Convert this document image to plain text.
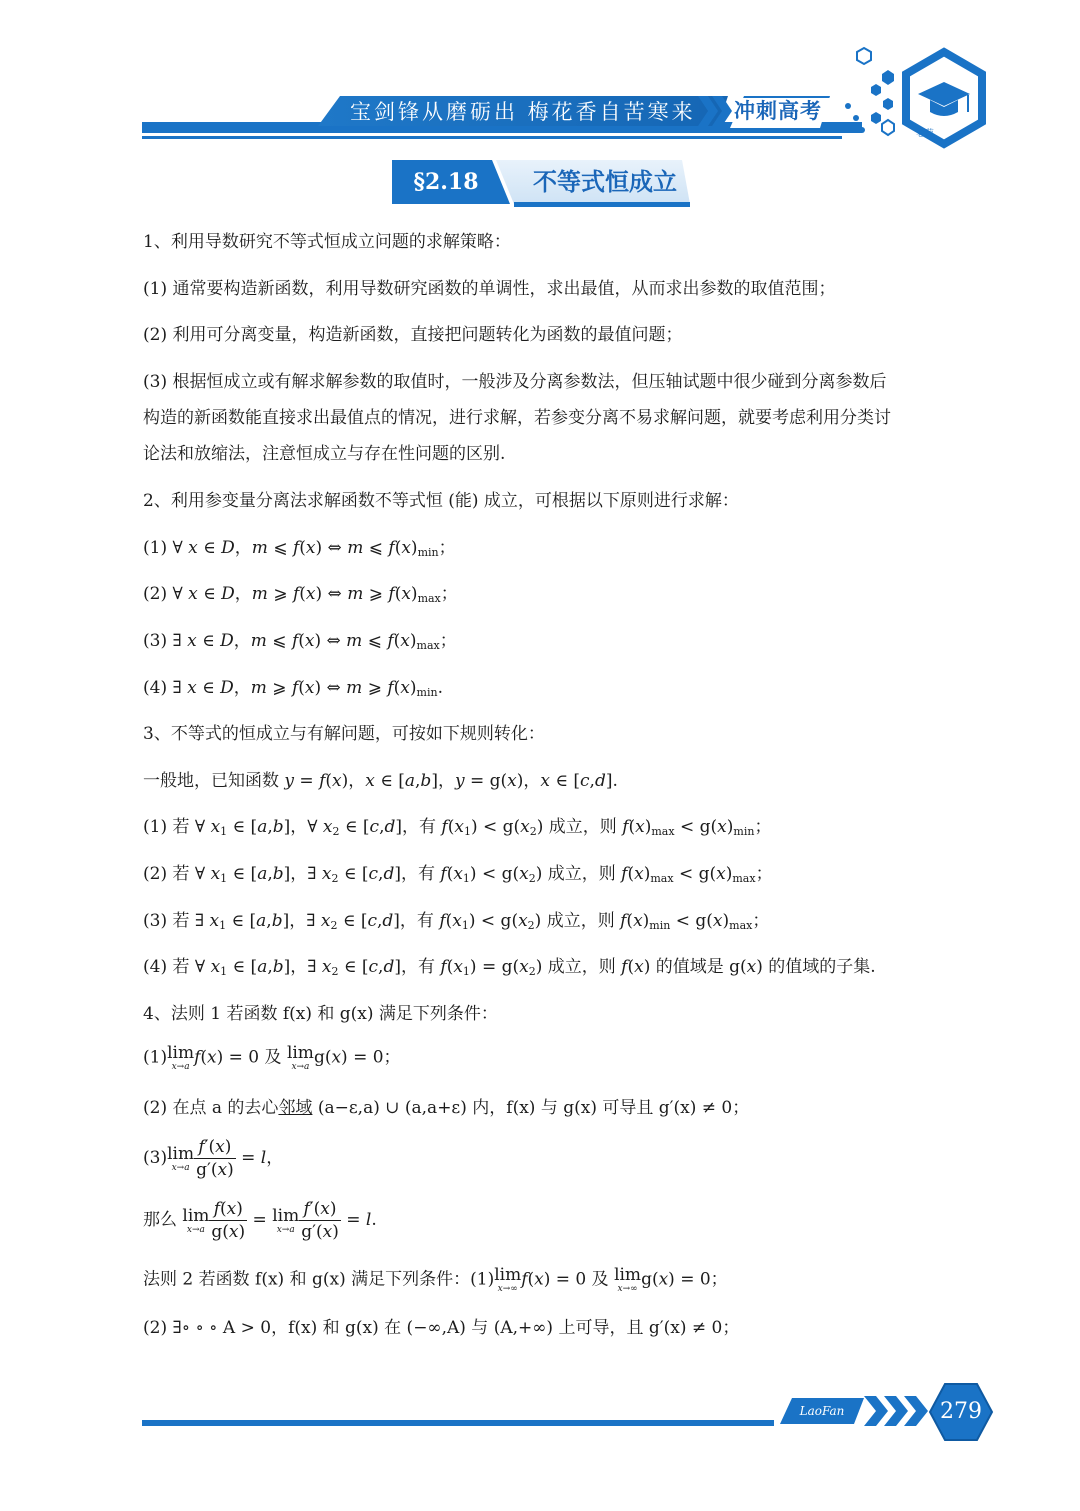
宝剑锋从磨砺出 梅花香自苦寒来	冲刺高考
老范
§2.18	不等式恒成立
1、利用导数研究不等式恒成立问题的求解策略：
(1) 通常要构造新函数，利用导数研究函数的单调性，求出最值，从而求出参数的取值范围；
(2) 利用可分离变量，构造新函数，直接把问题转化为函数的最值问题；
(3) 根据恒成立或有解求解参数的取值时，一般涉及分离参数法，但压轴试题中很少碰到分离参数后
构造的新函数能直接求出最值点的情况，进行求解，若参变分离不易求解问题，就要考虑利用分类讨
论法和放缩法，注意恒成立与存在性问题的区别.
2、利用参变量分离法求解函数不等式恒 (能) 成立，可根据以下原则进行求解：
(1) ∀ x ∈ D，m ⩽ f(x) ⇔ m ⩽ $f(x)_{min}$；
(2) ∀ x ∈ D，m ⩾ f(x) ⇔ m ⩾ $f(x)_{max}$；
(3) ∃ x ∈ D，m ⩽ f(x) ⇔ m ⩽ $f(x)_{max}$；
(4) ∃ x ∈ D，m ⩾ f(x) ⇔ m ⩾ $f(x)_{min}$.
3、不等式的恒成立与有解问题，可按如下规则转化：
一般地，已知函数 y = f(x)，x ∈ [a,b]，y = g(x)，x ∈ [c,d].
(1) 若 ∀ $x_1$ ∈ [a,b]，∀ $x_2$ ∈ [c,d]，有 $f(x_1) < g(x_2)$ 成立，则 $f(x)_{max} < g(x)_{min}$；
(2) 若 ∀ $x_1$ ∈ [a,b]，∃ $x_2$ ∈ [c,d]，有 $f(x_1) < g(x_2)$ 成立，则 $f(x)_{max} < g(x)_{max}$；
(3) 若 ∃ $x_1$ ∈ [a,b]，∃ $x_2$ ∈ [c,d]，有 $f(x_1) < g(x_2)$ 成立，则 $f(x)_{min} < g(x)_{max}$；
(4) 若 ∀ $x_1$ ∈ [a,b]，∃ $x_2$ ∈ [c,d]，有 $f(x_1) = g(x_2)$ 成立，则 f(x) 的值域是 g(x) 的值域的子集.
4、法则 1 若函数 f(x) 和 g(x) 满足下列条件：
(1) lim
x→a f(x) = 0 及 lim
x→a g(x) = 0；
(2) 在点 a 的去心邻域 (a−ε,a) ∪ (a,a+ε) 内，f(x) 与 g(x) 可导且 g′(x) ≠ 0；
(3) lim
$x\to a \frac{f'(x)}{g'(x)} = l$，
那么 lim
$x\to a \frac{f(x)}{g(x)} = \lim$
$x\to a \frac{f'(x)}{g'(x)} = l$.
法则 2 若函数 f(x) 和 g(x) 满足下列条件：(1) lim
x→∞ f(x) = 0 及 lim
x→∞ g(x) = 0；
(2) ∃∘ ∘ ∘ A > 0，f(x) 和 g(x) 在 (−∞,A) 与 (A,+∞) 上可导，且 g′(x) ≠ 0；
LaoFan	279
